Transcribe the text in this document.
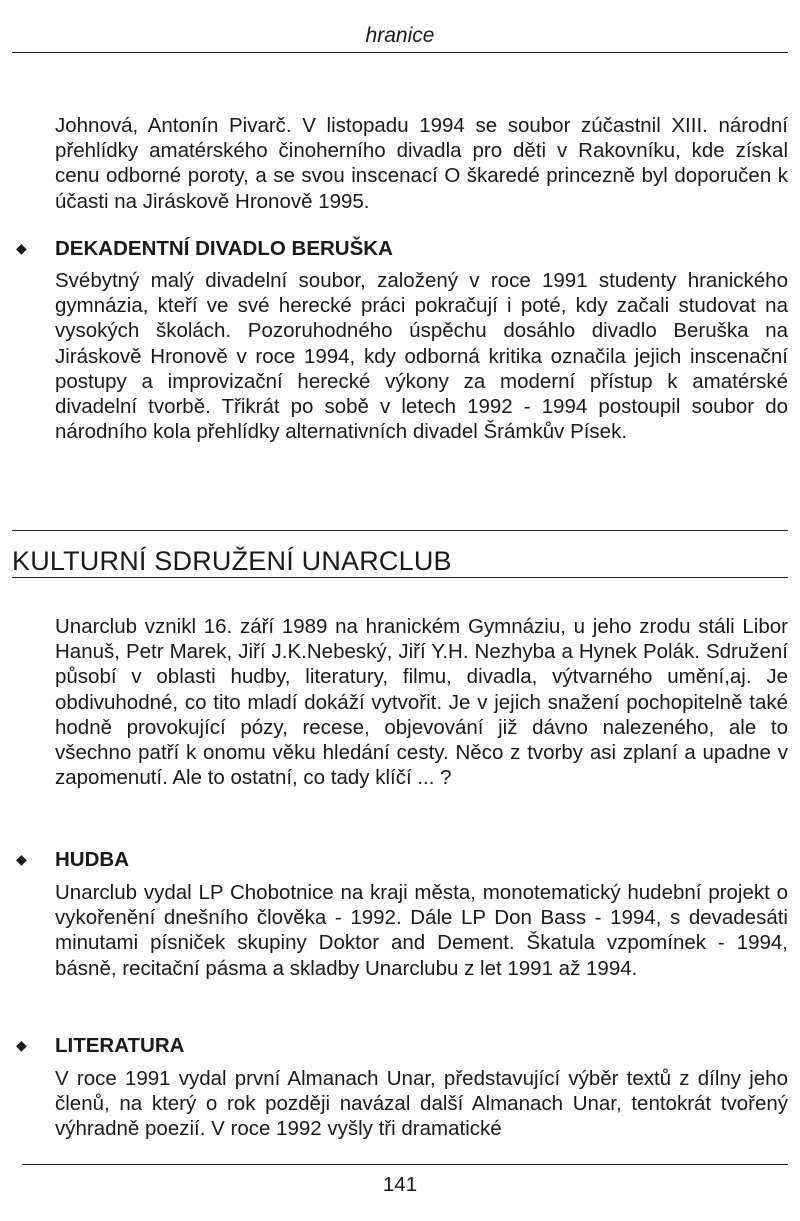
hranice

Johnová, Antonín Pivarč. V listopadu 1994 se soubor zúčastnil XIII. národní přehlídky amatérského činoherního divadla pro děti v Rakovníku, kde získal cenu odborné poroty, a se svou inscenací O škaredé princezně byl doporučen k účasti na Jiráskově Hronově 1995.

◆ DEKADENTNÍ DIVADLO BERUŠKA

Svébytný malý divadelní soubor, založený v roce 1991 studenty hranického gymnázia, kteří ve své herecké práci pokračují i poté, kdy začali studovat na vysokých školách. Pozoruhodného úspěchu dosáhlo divadlo Beruška na Jiráskově Hronově v roce 1994, kdy odborná kritika označila jejich inscenační postupy a improvizační herecké výkony za moderní přístup k amatérské divadelní tvorbě. Třikrát po sobě v letech 1992 - 1994 postoupil soubor do národního kola přehlídky alternativních divadel Šrámkův Písek.

KULTURNÍ SDRUŽENÍ UNARCLUB

Unarclub vznikl 16. září 1989 na hranickém Gymnáziu, u jeho zrodu stáli Libor Hanuš, Petr Marek, Jiří J.K.Nebeský, Jiří Y.H. Nezhyba a Hynek Polák. Sdružení působí v oblasti hudby, literatury, filmu, divadla, výtvarného umění,aj. Je obdivuhodné, co tito mladí dokáží vytvořit. Je v jejich snažení pochopitelně také hodně provokující pózy, recese, objevování již dávno nalezeného, ale to všechno patří k onomu věku hledání cesty. Něco z tvorby asi zplaní a upadne v zapomenutí. Ale to ostatní, co tady klíčí ... ?

◆ HUDBA

Unarclub vydal LP Chobotnice na kraji města, monotematický hudební projekt o vykořenění dnešního člověka - 1992. Dále LP Don Bass - 1994, s devadesáti minutami písniček skupiny Doktor and Dement. Škatula vzpomínek - 1994, básně, recitační pásma a skladby Unarclubu z let 1991 až 1994.

◆ LITERATURA

V roce 1991 vydal první Almanach Unar, představující výběr textů z dílny jeho členů, na který o rok později navázal další Almanach Unar, tentokrát tvořený výhradně poezií. V roce 1992 vyšly tři dramatické

141
